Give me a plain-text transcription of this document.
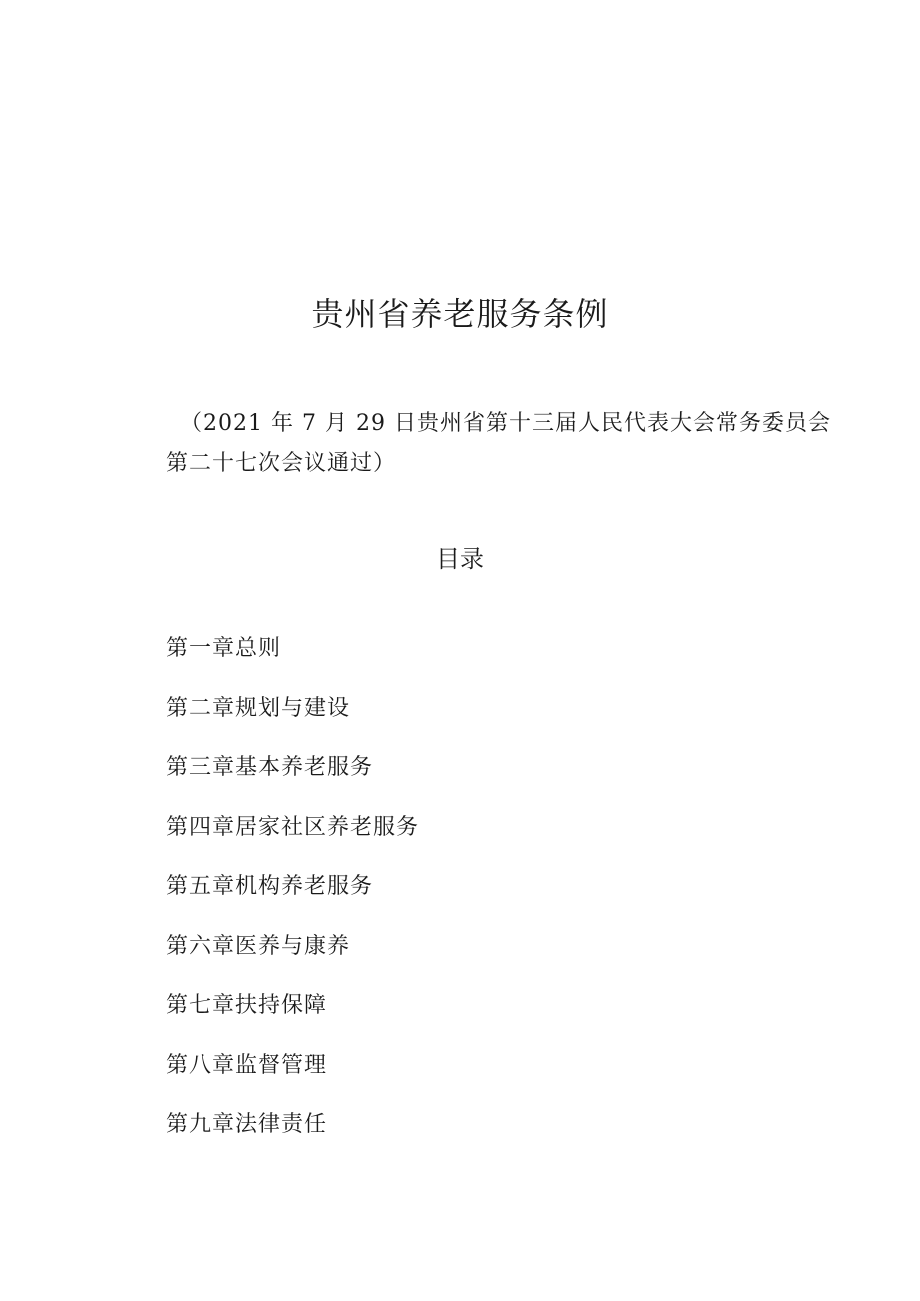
贵州省养老服务条例
（2021 年 7 月 29 日贵州省第十三届人民代表大会常务委员会
第二十七次会议通过）
目录
第一章总则
第二章规划与建设
第三章基本养老服务
第四章居家社区养老服务
第五章机构养老服务
第六章医养与康养
第七章扶持保障
第八章监督管理
第九章法律责任
